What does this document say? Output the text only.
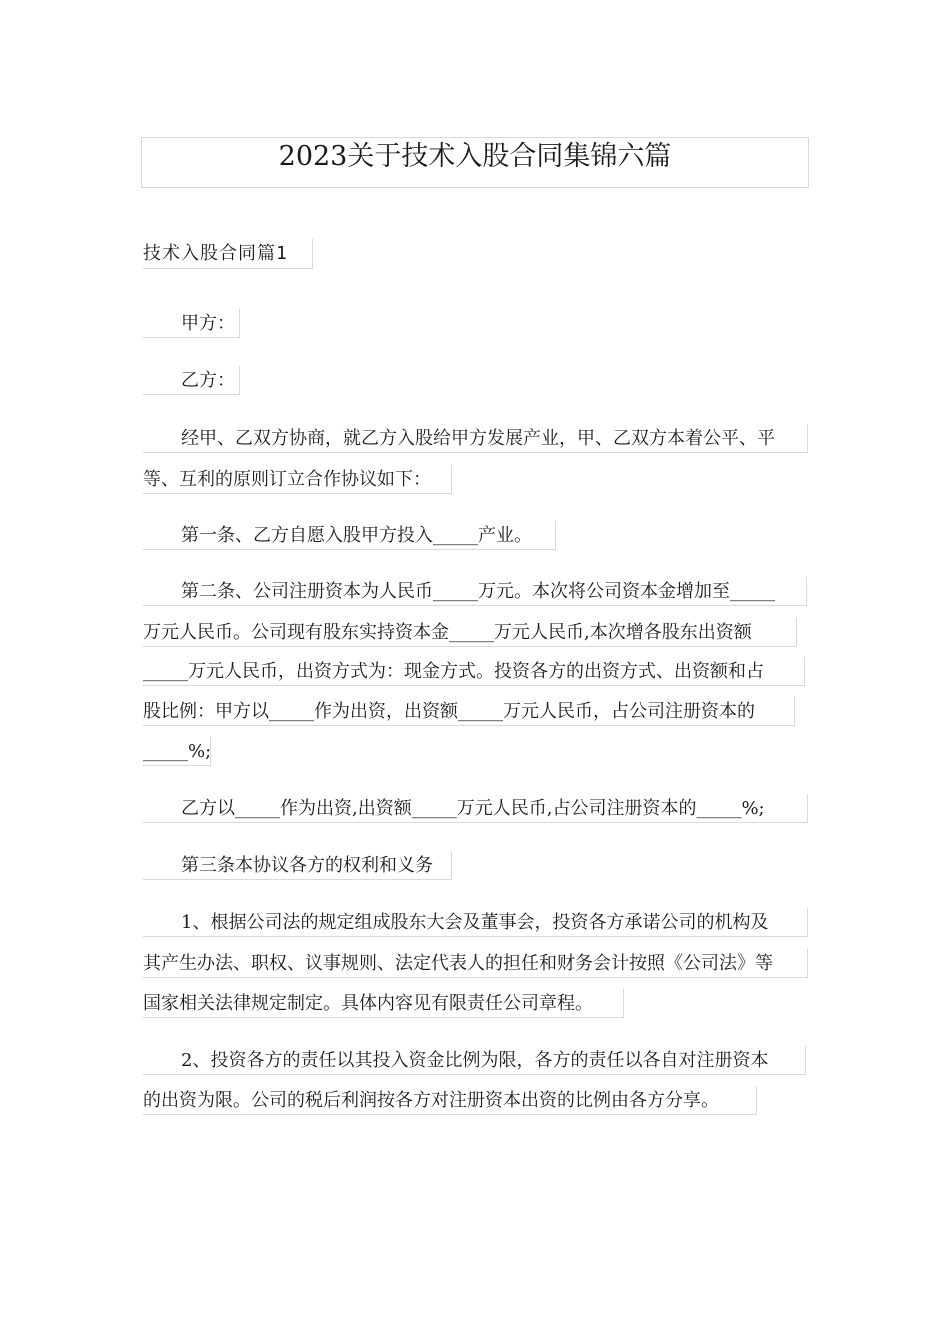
2023关于技术入股合同集锦六篇
技术入股合同篇1
甲方：
乙方：
经甲、乙双方协商，就乙方入股给甲方发展产业，甲、乙双方本着公平、平
等、互利的原则订立合作协议如下：
第一条、乙方自愿入股甲方投入_____产业。
第二条、公司注册资本为人民币_____万元。本次将公司资本金增加至_____
万元人民币。公司现有股东实持资本金_____万元人民币,本次增各股东出资额
_____万元人民币，出资方式为：现金方式。投资各方的出资方式、出资额和占
股比例：甲方以_____作为出资，出资额_____万元人民币，占公司注册资本的
_____%;
乙方以_____作为出资,出资额_____万元人民币,占公司注册资本的_____%;
第三条本协议各方的权利和义务
1、根据公司法的规定组成股东大会及董事会，投资各方承诺公司的机构及
其产生办法、职权、议事规则、法定代表人的担任和财务会计按照《公司法》等
国家相关法律规定制定。具体内容见有限责任公司章程。
2、投资各方的责任以其投入资金比例为限，各方的责任以各自对注册资本
的出资为限。公司的税后利润按各方对注册资本出资的比例由各方分享。
